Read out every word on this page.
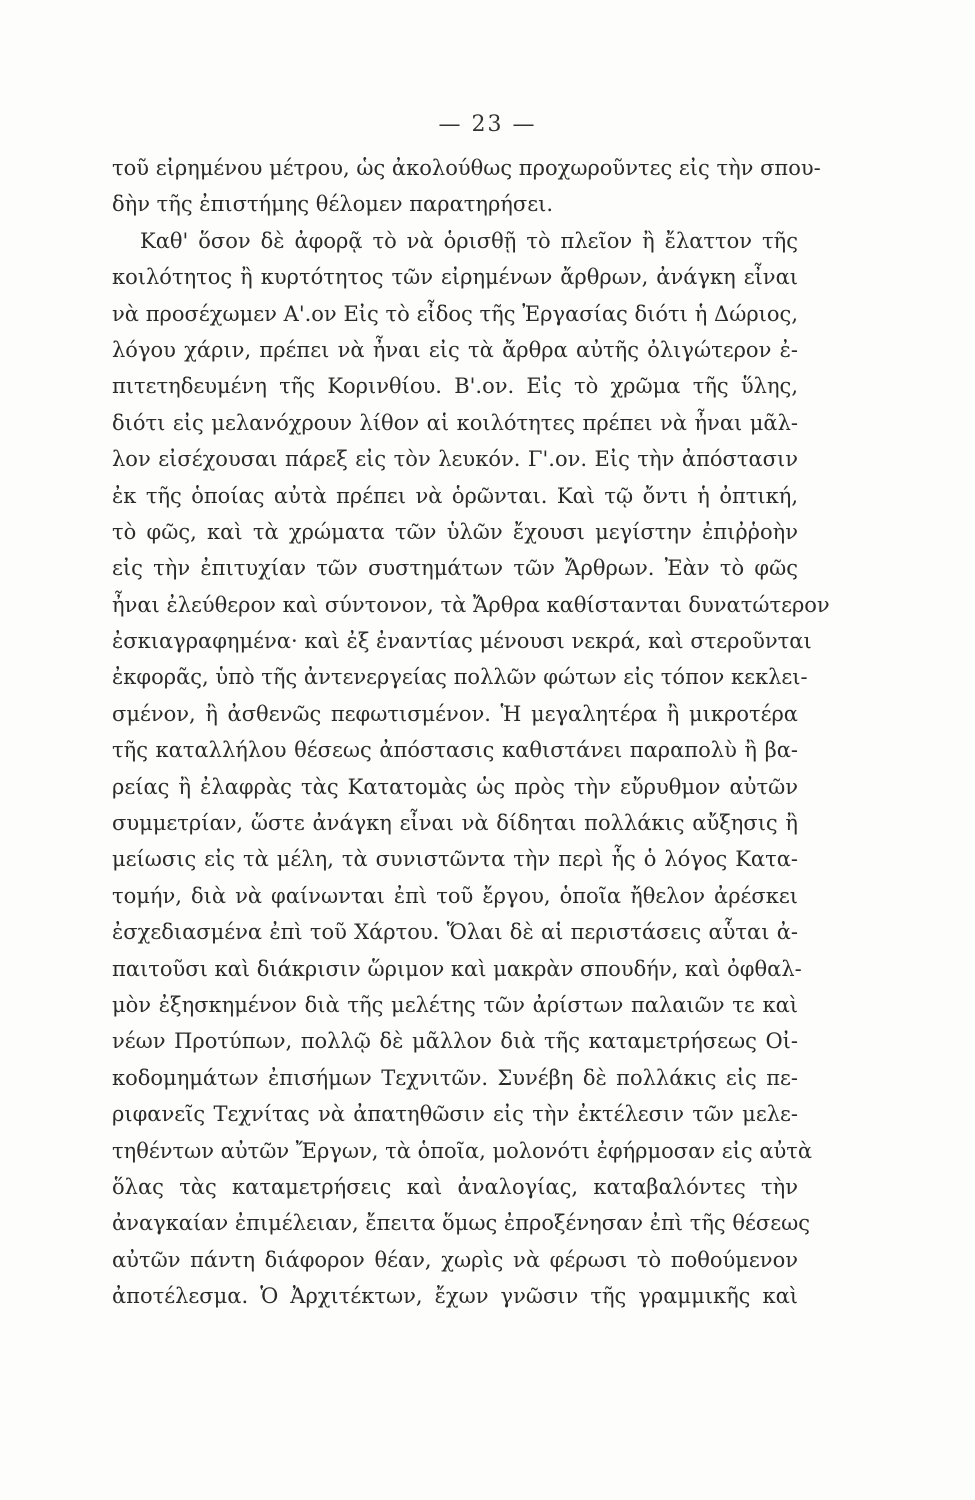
— 23 —
τοῦ εἰρημένου μέτρου, ὡς ἀκολούθως προχωροῦντες εἰς τὴν σπου-
δὴν τῆς ἐπιστήμης θέλομεν παρατηρήσει.
Καθ' ὅσον δὲ ἀφορᾷ τὸ νὰ ὁρισθῇ τὸ πλεῖον ἢ ἔλαττον τῆς
κοιλότητος ἢ κυρτότητος τῶν εἰρημένων ἄρθρων, ἀνάγκη εἶναι
νὰ προσέχωμεν Α'.ον Εἰς τὸ εἶδος τῆς Ἐργασίας διότι ἡ Δώριος,
λόγου χάριν, πρέπει νὰ ἦναι εἰς τὰ ἄρθρα αὐτῆς ὀλιγώτερον ἐ-
πιτετηδευμένη τῆς Κορινθίου. Β'.ον. Εἰς τὸ χρῶμα τῆς ὕλης,
διότι εἰς μελανόχρουν λίθον αἱ κοιλότητες πρέπει νὰ ἦναι μᾶλ-
λον εἰσέχουσαι πάρεξ εἰς τὸν λευκόν. Γ'.ον. Εἰς τὴν ἀπόστασιν
ἐκ τῆς ὁποίας αὐτὰ πρέπει νὰ ὁρῶνται. Καὶ τῷ ὄντι ἡ ὀπτική,
τὸ φῶς, καὶ τὰ χρώματα τῶν ὑλῶν ἔχουσι μεγίστην ἐπιῤῥοὴν
εἰς τὴν ἐπιτυχίαν τῶν συστημάτων τῶν Ἄρθρων. Ἐὰν τὸ φῶς
ἦναι ἐλεύθερον καὶ σύντονον, τὰ Ἄρθρα καθίστανται δυνατώτερον
ἐσκιαγραφημένα· καὶ ἐξ ἐναντίας μένουσι νεκρά, καὶ στεροῦνται
ἐκφορᾶς, ὑπὸ τῆς ἀντενεργείας πολλῶν φώτων εἰς τόπον κεκλει-
σμένον, ἢ ἀσθενῶς πεφωτισμένον. Ἡ μεγαλητέρα ἢ μικροτέρα
τῆς καταλλήλου θέσεως ἀπόστασις καθιστάνει παραπολὺ ἢ βα-
ρείας ἢ ἐλαφρὰς τὰς Κατατομὰς ὡς πρὸς τὴν εὔρυθμον αὐτῶν
συμμετρίαν, ὥστε ἀνάγκη εἶναι νὰ δίδηται πολλάκις αὔξησις ἢ
μείωσις εἰς τὰ μέλη, τὰ συνιστῶντα τὴν περὶ ἧς ὁ λόγος Κατα-
τομήν, διὰ νὰ φαίνωνται ἐπὶ τοῦ ἔργου, ὁποῖα ἤθελον ἀρέσκει
ἐσχεδιασμένα ἐπὶ τοῦ Χάρτου. Ὅλαι δὲ αἱ περιστάσεις αὗται ἀ-
παιτοῦσι καὶ διάκρισιν ὥριμον καὶ μακρὰν σπουδήν, καὶ ὀφθαλ-
μὸν ἐξησκημένον διὰ τῆς μελέτης τῶν ἀρίστων παλαιῶν τε καὶ
νέων Προτύπων, πολλῷ δὲ μᾶλλον διὰ τῆς καταμετρήσεως Οἰ-
κοδομημάτων ἐπισήμων Τεχνιτῶν. Συνέβη δὲ πολλάκις εἰς πε-
ριφανεῖς Τεχνίτας νὰ ἀπατηθῶσιν εἰς τὴν ἐκτέλεσιν τῶν μελε-
τηθέντων αὐτῶν Ἔργων, τὰ ὁποῖα, μολονότι ἐφήρμοσαν εἰς αὐτὰ
ὅλας τὰς καταμετρήσεις καὶ ἀναλογίας, καταβαλόντες τὴν
ἀναγκαίαν ἐπιμέλειαν, ἔπειτα ὅμως ἐπροξένησαν ἐπὶ τῆς θέσεως
αὐτῶν πάντη διάφορον θέαν, χωρὶς νὰ φέρωσι τὸ ποθούμενον
ἀποτέλεσμα. Ὁ Ἀρχιτέκτων, ἔχων γνῶσιν τῆς γραμμικῆς καὶ
